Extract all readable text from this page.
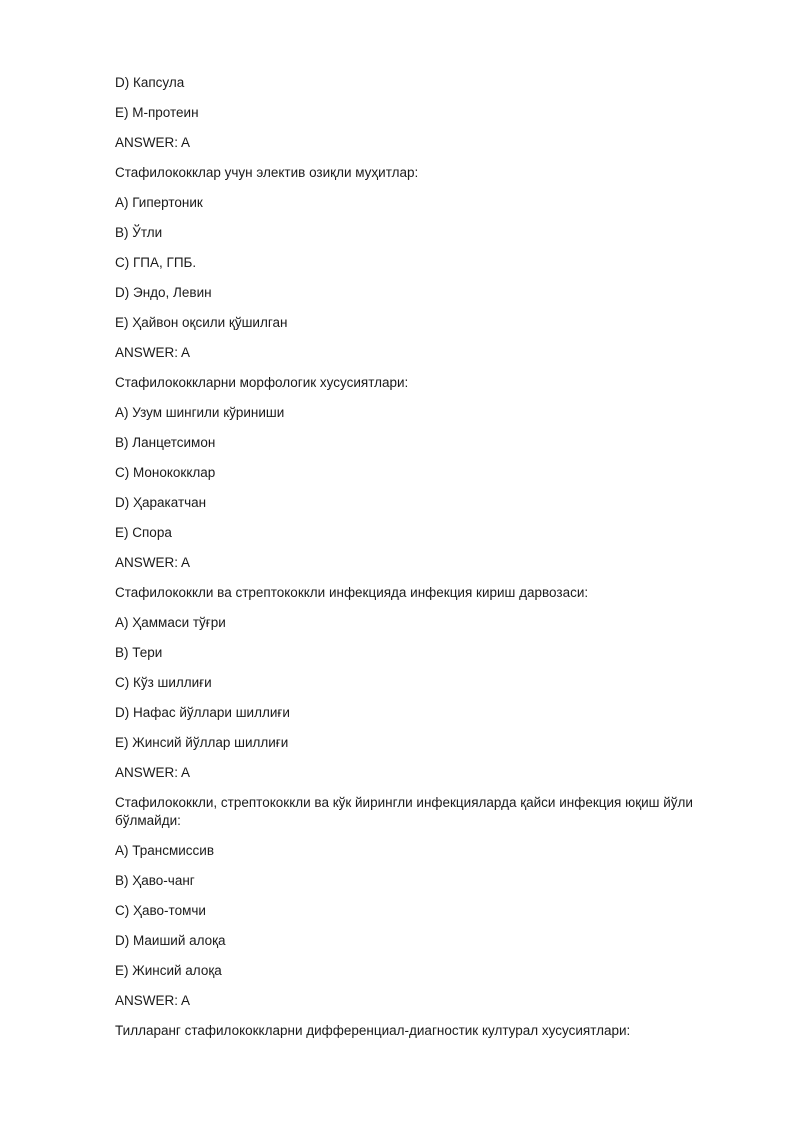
D) Капсула

E) М-протеин

ANSWER: A

Стафилококклар учун электив озиқли муҳитлар:

A) Гипертоник

B) Ўтли

C) ГПА, ГПБ.

D) Эндо, Левин

E) Ҳайвон оқсили қўшилган

ANSWER: A

Стафилококкларни морфологик хусусиятлари:

A) Узум шингили кўриниши

B) Ланцетсимон

C) Монококклар

D) Ҳаракатчан

E) Спора

ANSWER: A

Стафилококкли ва стрептококкли инфекцияда инфекция кириш дарвозаси:

A) Ҳаммаси тўғри

B) Тери

C) Кўз шиллиғи

D) Нафас йўллари шиллиғи

E) Жинсий йўллар шиллиғи

ANSWER: A

Стафилококкли, стрептококкли ва кўк йирингли инфекцияларда қайси инфекция юқиш йўли бўлмайди:

A) Трансмиссив

B) Ҳаво-чанг

C) Ҳаво-томчи

D) Маиший алоқа

E) Жинсий алоқа

ANSWER: A

Тилларанг стафилококкларни дифференциал-диагностик културал хусусиятлари:
